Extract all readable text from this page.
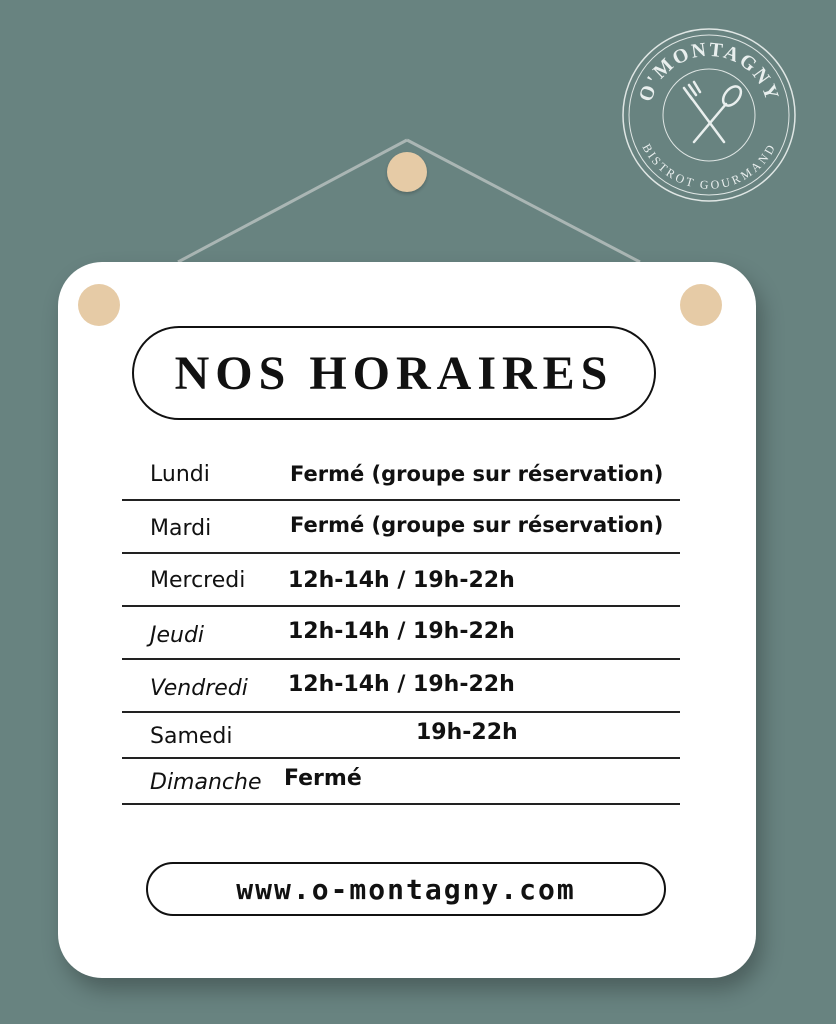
O'MONTAGNY
BISTROT GOURMAND
NOS HORAIRES
Lundi	Fermé (groupe sur réservation)
Mardi	Fermé (groupe sur réservation)
Mercredi 12h-14h / 19h-22h
Jeudi	12h-14h / 19h-22h
Vendredi 12h-14h / 19h-22h
Samedi	19h-22h
Dimanche Fermé
www.o-montagny.com
